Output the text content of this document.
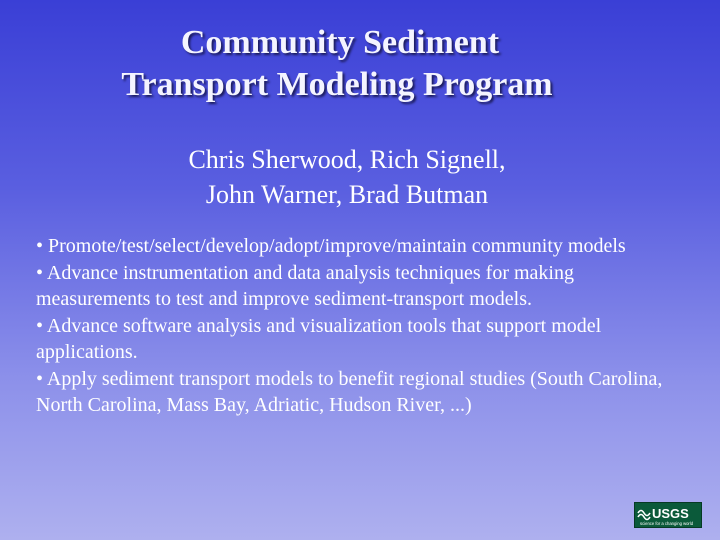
Community Sediment
Transport Modeling Program
Chris Sherwood, Rich Signell,
John Warner, Brad Butman
• Promote/test/select/develop/adopt/improve/maintain community models
• Advance instrumentation and data analysis techniques for making measurements to test and improve sediment-transport models.
• Advance software analysis and visualization tools that support model applications.
• Apply sediment transport models to benefit regional studies (South Carolina, North Carolina, Mass Bay, Adriatic, Hudson River, ...)
USGS
science for a changing world
